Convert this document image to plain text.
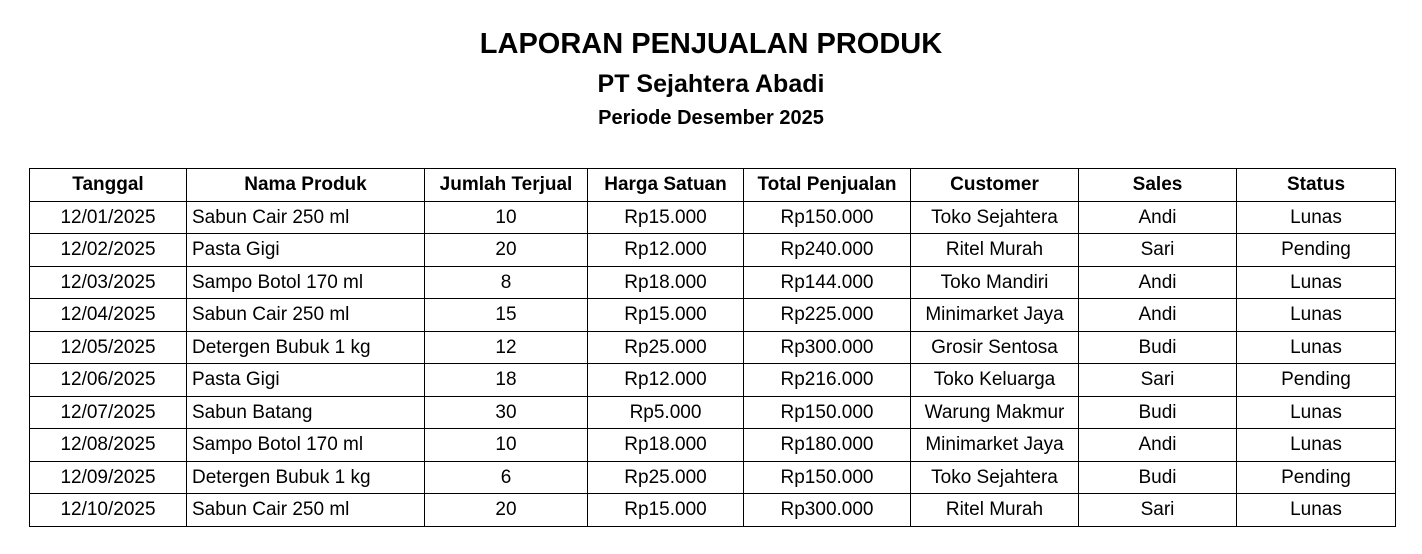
LAPORAN PENJUALAN PRODUK
PT Sejahtera Abadi
Periode Desember 2025
Tanggal	Nama Produk	Jumlah Terjual	Harga Satuan	Total Penjualan	Customer	Sales	Status
12/01/2025	Sabun Cair 250 ml	10	Rp15.000	Rp150.000	Toko Sejahtera	Andi	Lunas
12/02/2025	Pasta Gigi	20	Rp12.000	Rp240.000	Ritel Murah	Sari	Pending
12/03/2025	Sampo Botol 170 ml	8	Rp18.000	Rp144.000	Toko Mandiri	Andi	Lunas
12/04/2025	Sabun Cair 250 ml	15	Rp15.000	Rp225.000	Minimarket Jaya	Andi	Lunas
12/05/2025	Detergen Bubuk 1 kg	12	Rp25.000	Rp300.000	Grosir Sentosa	Budi	Lunas
12/06/2025	Pasta Gigi	18	Rp12.000	Rp216.000	Toko Keluarga	Sari	Pending
12/07/2025	Sabun Batang	30	Rp5.000	Rp150.000	Warung Makmur	Budi	Lunas
12/08/2025	Sampo Botol 170 ml	10	Rp18.000	Rp180.000	Minimarket Jaya	Andi	Lunas
12/09/2025	Detergen Bubuk 1 kg	6	Rp25.000	Rp150.000	Toko Sejahtera	Budi	Pending
12/10/2025	Sabun Cair 250 ml	20	Rp15.000	Rp300.000	Ritel Murah	Sari	Lunas
